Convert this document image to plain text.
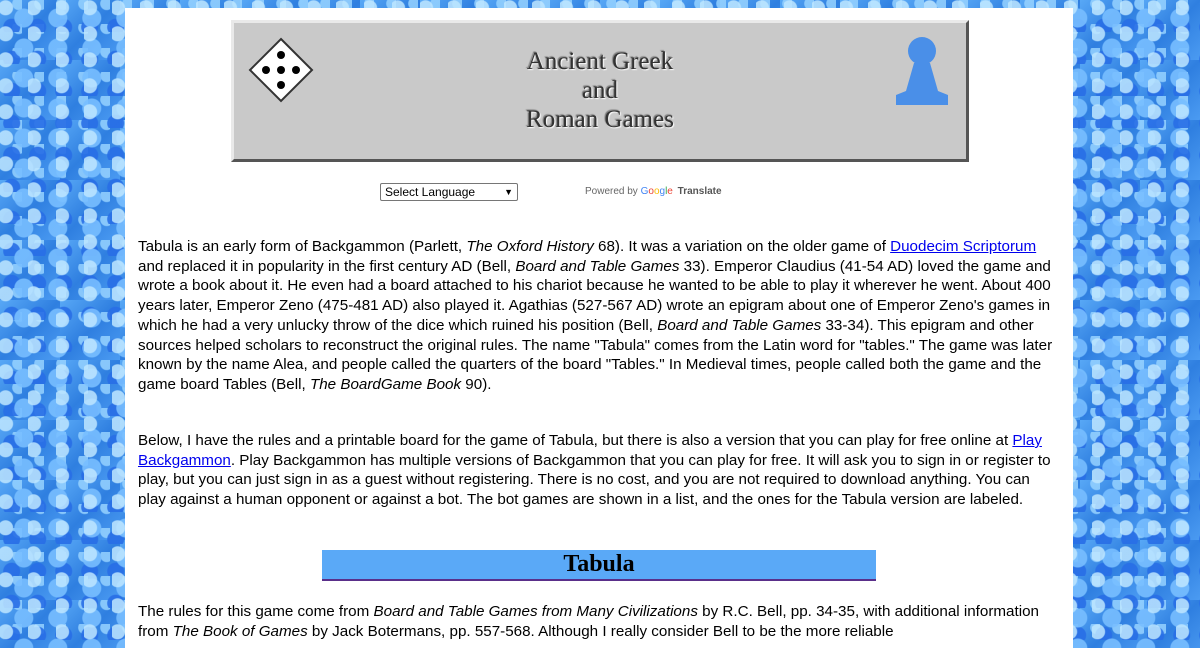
Ancient Greek
and
Roman Games
Select Language	▼	Powered by Google Translate

Tabula is an early form of Backgammon (Parlett, The Oxford History 68). It was a variation on the older game of Duodecim Scriptorum and replaced it in popularity in the first century AD (Bell, Board and Table Games 33). Emperor Claudius (41-54 AD) loved the game and wrote a book about it. He even had a board attached to his chariot because he wanted to be able to play it wherever he went. About 400 years later, Emperor Zeno (475-481 AD) also played it. Agathias (527-567 AD) wrote an epigram about one of Emperor Zeno's games in which he had a very unlucky throw of the dice which ruined his position (Bell, Board and Table Games 33-34). This epigram and other sources helped scholars to reconstruct the original rules. The name "Tabula" comes from the Latin word for "tables." The game was later known by the name Alea, and people called the quarters of the board "Tables." In Medieval times, people called both the game and the game board Tables (Bell, The BoardGame Book 90).

Below, I have the rules and a printable board for the game of Tabula, but there is also a version that you can play for free online at Play Backgammon. Play Backgammon has multiple versions of Backgammon that you can play for free. It will ask you to sign in or register to play, but you can just sign in as a guest without registering. There is no cost, and you are not required to download anything. You can play against a human opponent or against a bot. The bot games are shown in a list, and the ones for the Tabula version are labeled.

Tabula

The rules for this game come from Board and Table Games from Many Civilizations by R.C. Bell, pp. 34-35, with additional information from The Book of Games by Jack Botermans, pp. 557-568. Although I really consider Bell to be the more reliable
